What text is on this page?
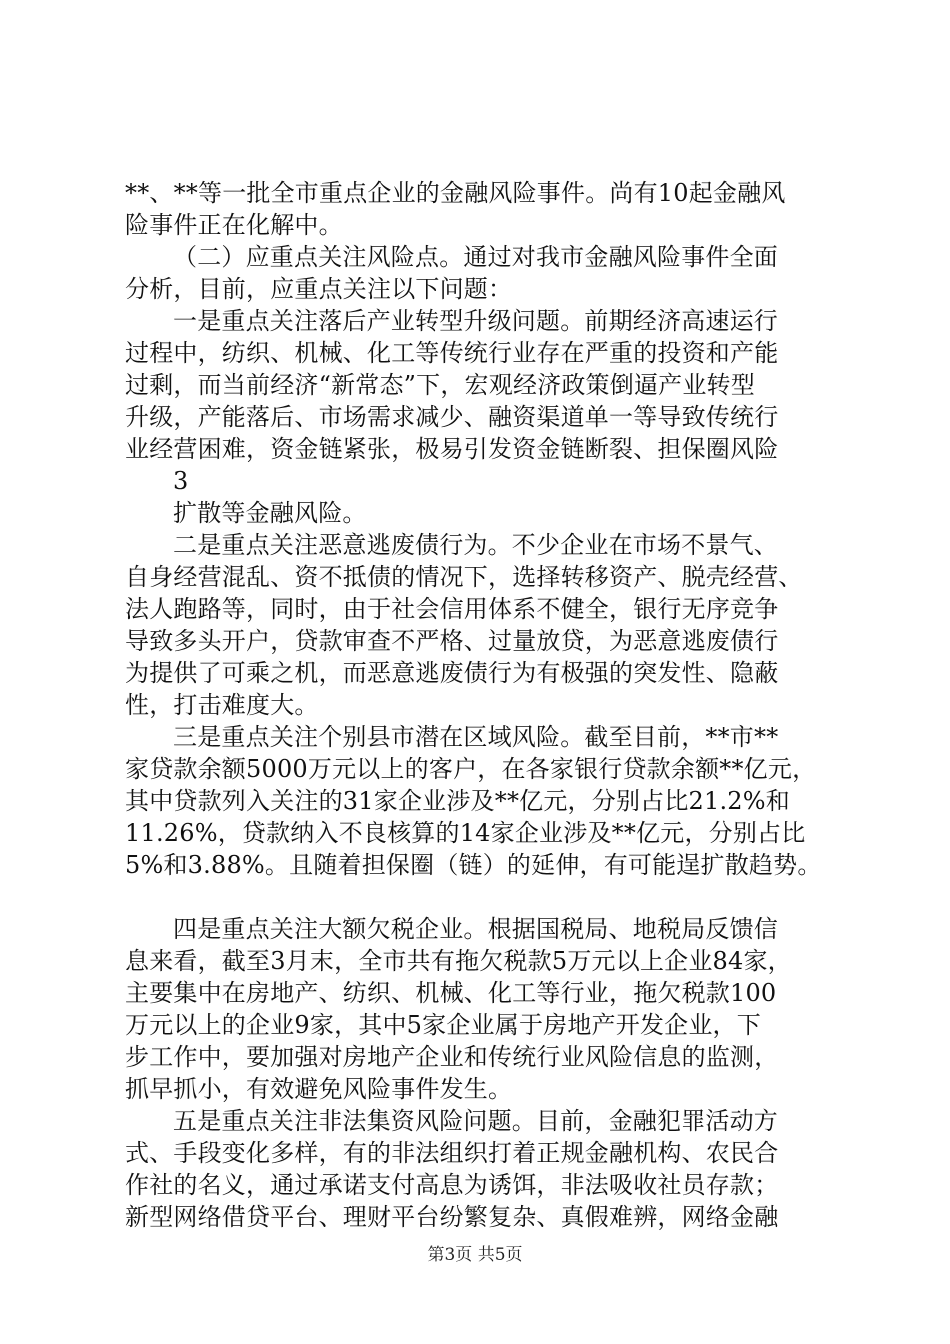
**、**等一批全市重点企业的金融风险事件。尚有10起金融风
险事件正在化解中。
（二）应重点关注风险点。通过对我市金融风险事件全面
分析，目前，应重点关注以下问题：
一是重点关注落后产业转型升级问题。前期经济高速运行
过程中，纺织、机械、化工等传统行业存在严重的投资和产能
过剩，而当前经济“新常态”下，宏观经济政策倒逼产业转型
升级，产能落后、市场需求减少、融资渠道单一等导致传统行
业经营困难，资金链紧张，极易引发资金链断裂、担保圈风险
3
扩散等金融风险。
二是重点关注恶意逃废债行为。不少企业在市场不景气、
自身经营混乱、资不抵债的情况下，选择转移资产、脱壳经营、
法人跑路等，同时，由于社会信用体系不健全，银行无序竞争
导致多头开户，贷款审查不严格、过量放贷，为恶意逃废债行
为提供了可乘之机，而恶意逃废债行为有极强的突发性、隐蔽
性，打击难度大。
三是重点关注个别县市潜在区域风险。截至目前，**市**
家贷款余额5000万元以上的客户，在各家银行贷款余额**亿元，
其中贷款列入关注的31家企业涉及**亿元，分别占比21.2%和
11.26%，贷款纳入不良核算的14家企业涉及**亿元，分别占比
5%和3.88%。且随着担保圈（链）的延伸，有可能逞扩散趋势。
四是重点关注大额欠税企业。根据国税局、地税局反馈信
息来看，截至3月末，全市共有拖欠税款5万元以上企业84家，
主要集中在房地产、纺织、机械、化工等行业，拖欠税款100
万元以上的企业9家，其中5家企业属于房地产开发企业，下
步工作中，要加强对房地产企业和传统行业风险信息的监测，
抓早抓小，有效避免风险事件发生。
五是重点关注非法集资风险问题。目前，金融犯罪活动方
式、手段变化多样，有的非法组织打着正规金融机构、农民合
作社的名义，通过承诺支付高息为诱饵，非法吸收社员存款；
新型网络借贷平台、理财平台纷繁复杂、真假难辨，网络金融
第3页 共5页
